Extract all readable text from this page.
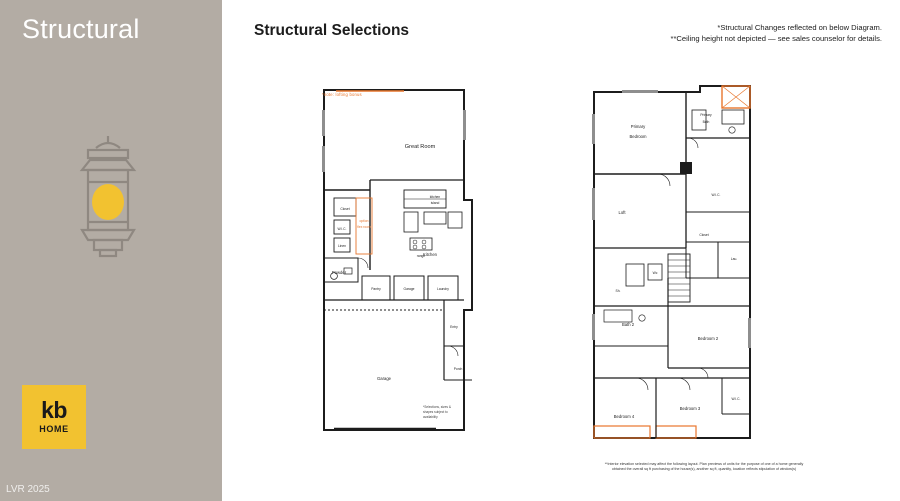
Structural
kb
HOME
LVR 2025
Structural Selections	*Structural Changes reflected on below Diagram.
**Ceiling height not depicted — see sales counselor for details.
Great Room
Kitchen
Powder
Pantry	Garage	Laundry
Garage
Porch
Entry
Closet
W.I.C.
Linen
option
flex room
kitchen
island
range
*note: lofting bonus
*Selections, sizes & shapes subject to availability
Primary
Bedroom
Primary
Bath
Loft
W.I.C.
Closet
Lau.
Sh.
Wc
Bath 2
Bedroom 2
Bedroom 3
Bedroom 4
W.I.C.
**Interior elevation selected may affect the following layout. Plan previews of units for the purpose of one of a home generally obtained the overall sq ft purchasing of the house(s), another sq ft, quantity, location reflects stipulation of window(s)
